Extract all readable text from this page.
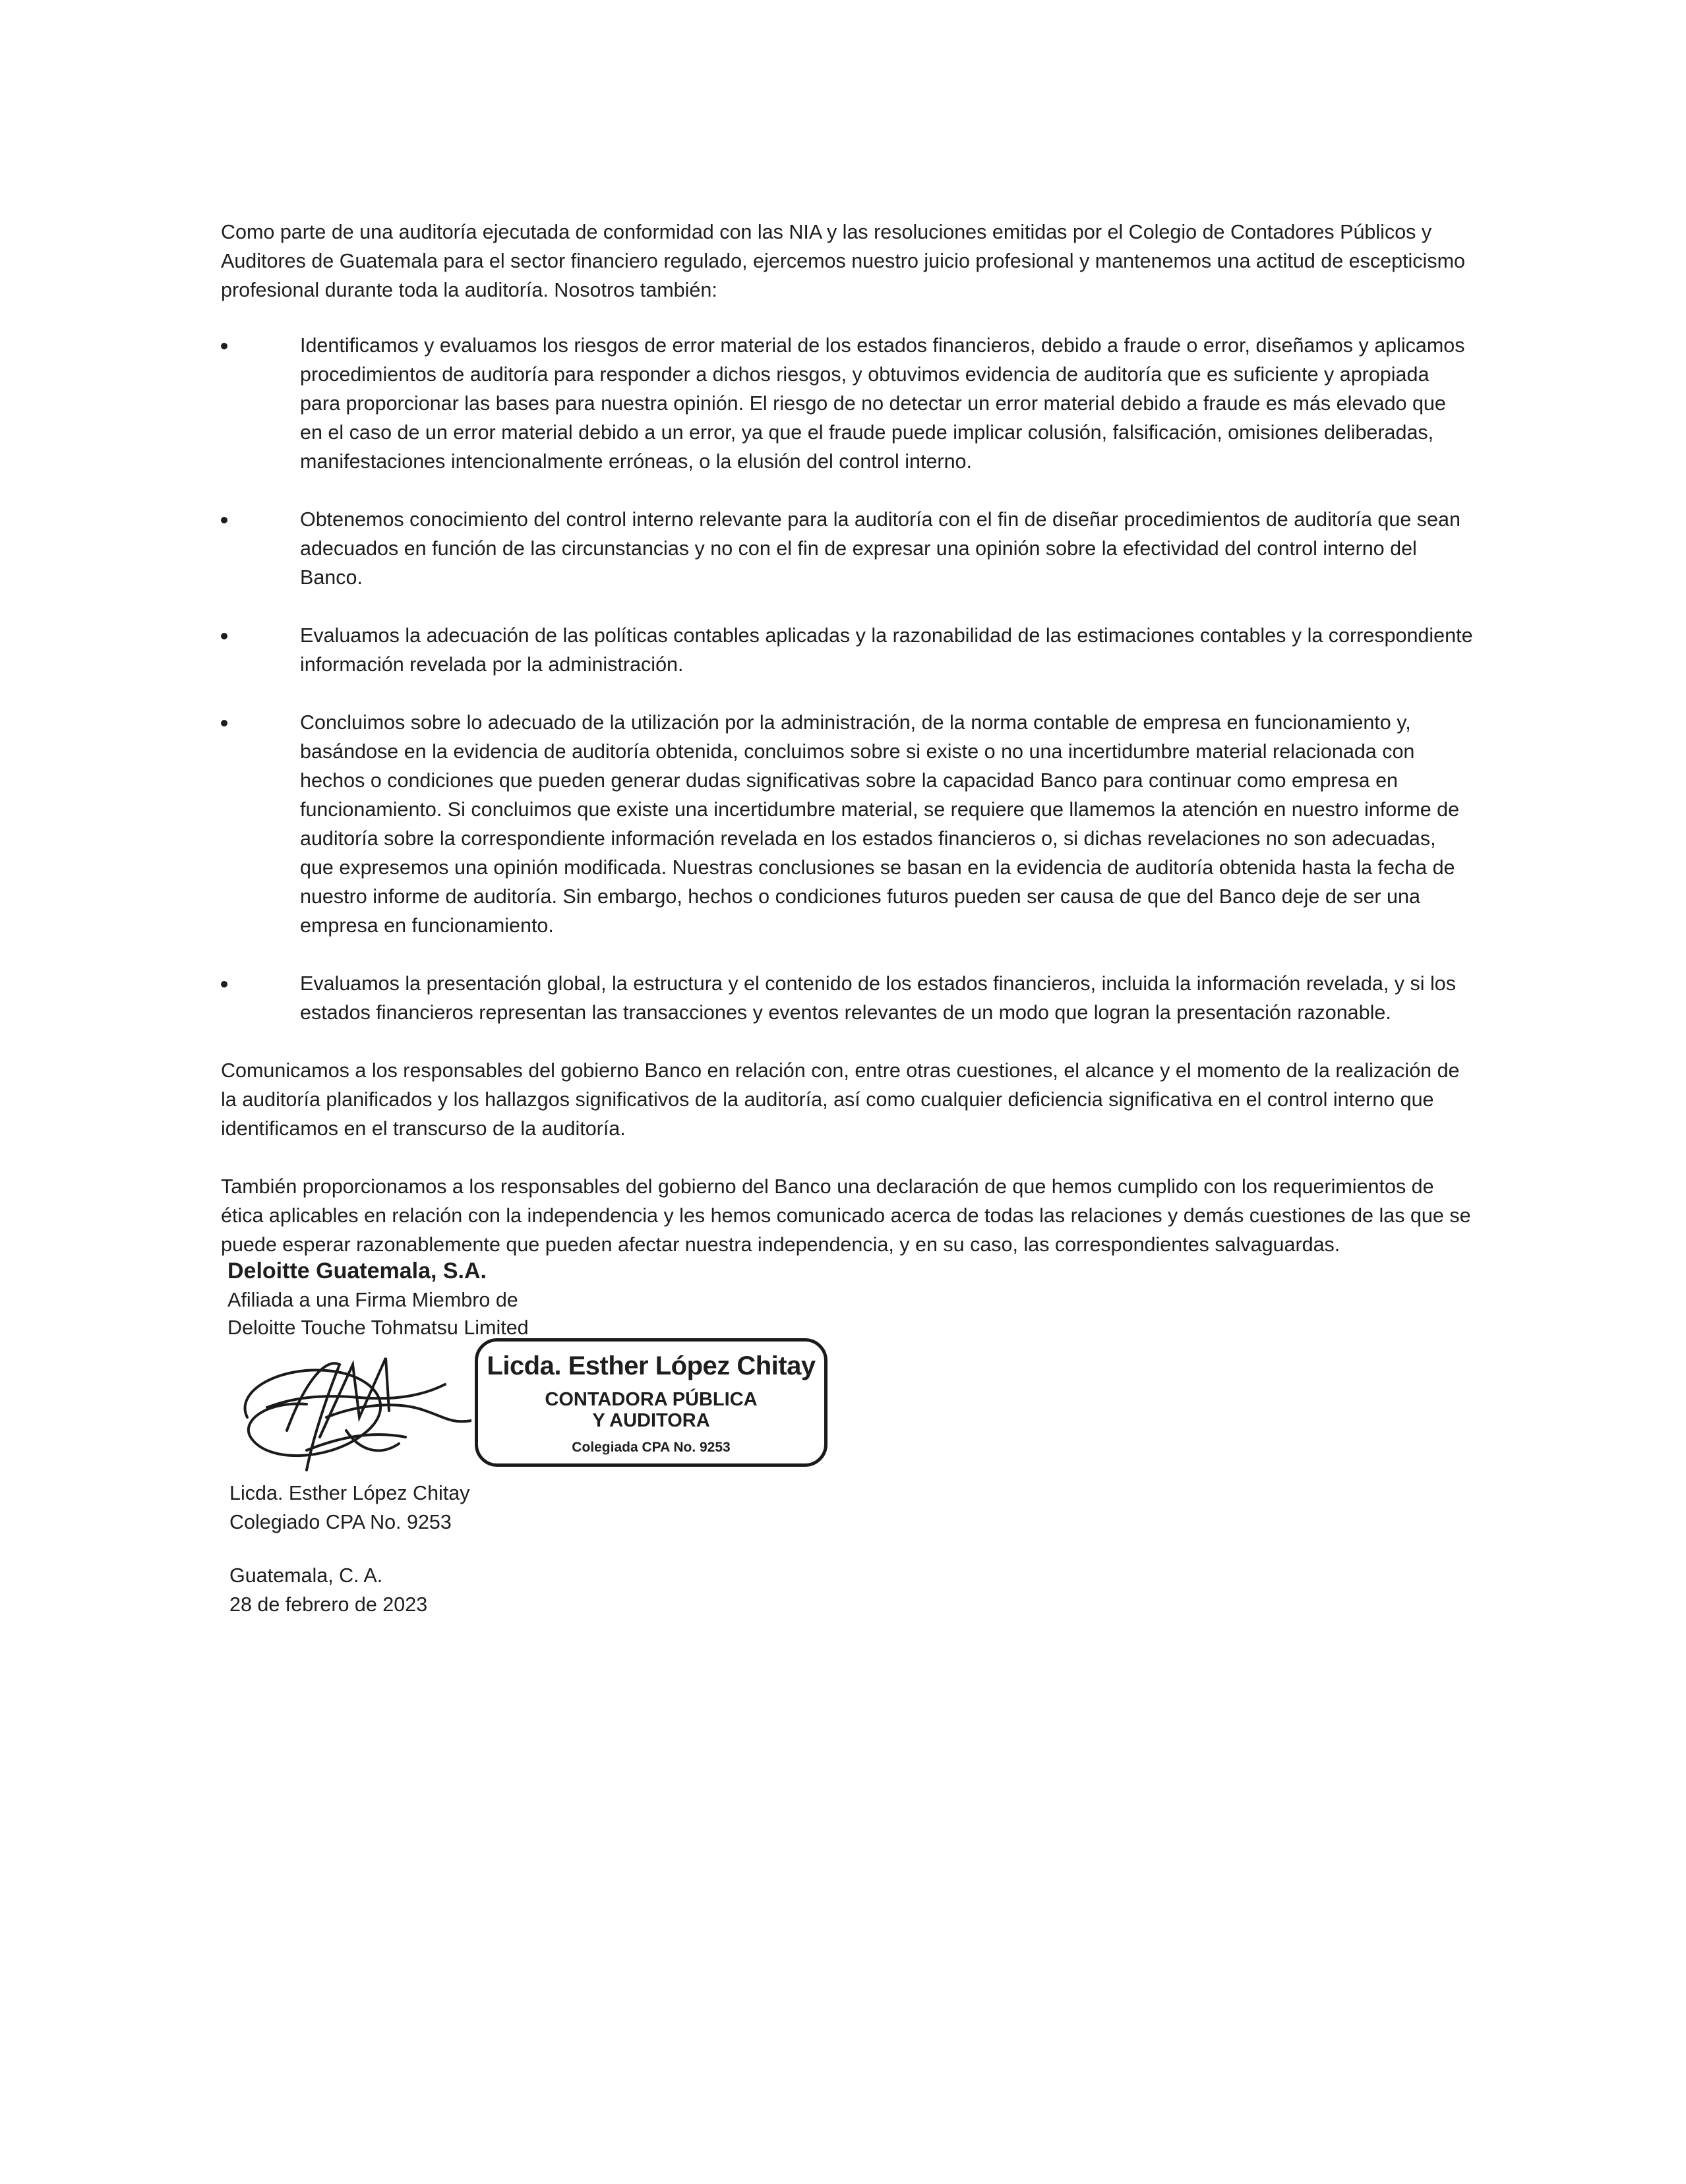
Como parte de una auditoría ejecutada de conformidad con las NIA y las resoluciones emitidas por el Colegio de Contadores Públicos y Auditores de Guatemala para el sector financiero regulado, ejercemos nuestro juicio profesional y mantenemos una actitud de escepticismo profesional durante toda la auditoría. Nosotros también:

Identificamos y evaluamos los riesgos de error material de los estados financieros, debido a fraude o error, diseñamos y aplicamos procedimientos de auditoría para responder a dichos riesgos, y obtuvimos evidencia de auditoría que es suficiente y apropiada para proporcionar las bases para nuestra opinión. El riesgo de no detectar un error material debido a fraude es más elevado que en el caso de un error material debido a un error, ya que el fraude puede implicar colusión, falsificación, omisiones deliberadas, manifestaciones intencionalmente erróneas, o la elusión del control interno.
Obtenemos conocimiento del control interno relevante para la auditoría con el fin de diseñar procedimientos de auditoría que sean adecuados en función de las circunstancias y no con el fin de expresar una opinión sobre la efectividad del control interno del Banco.
Evaluamos la adecuación de las políticas contables aplicadas y la razonabilidad de las estimaciones contables y la correspondiente información revelada por la administración.
Concluimos sobre lo adecuado de la utilización por la administración, de la norma contable de empresa en funcionamiento y, basándose en la evidencia de auditoría obtenida, concluimos sobre si existe o no una incertidumbre material relacionada con hechos o condiciones que pueden generar dudas significativas sobre la capacidad Banco para continuar como empresa en funcionamiento. Si concluimos que existe una incertidumbre material, se requiere que llamemos la atención en nuestro informe de auditoría sobre la correspondiente información revelada en los estados financieros o, si dichas revelaciones no son adecuadas, que expresemos una opinión modificada. Nuestras conclusiones se basan en la evidencia de auditoría obtenida hasta la fecha de nuestro informe de auditoría. Sin embargo, hechos o condiciones futuros pueden ser causa de que del Banco deje de ser una empresa en funcionamiento.
Evaluamos la presentación global, la estructura y el contenido de los estados financieros, incluida la información revelada, y si los estados financieros representan las transacciones y eventos relevantes de un modo que logran la presentación razonable.

Comunicamos a los responsables del gobierno Banco en relación con, entre otras cuestiones, el alcance y el momento de la realización de la auditoría planificados y los hallazgos significativos de la auditoría, así como cualquier deficiencia significativa en el control interno que identificamos en el transcurso de la auditoría.

También proporcionamos a los responsables del gobierno del Banco una declaración de que hemos cumplido con los requerimientos de ética aplicables en relación con la independencia y les hemos comunicado acerca de todas las relaciones y demás cuestiones de las que se puede esperar razonablemente que pueden afectar nuestra independencia, y en su caso, las correspondientes salvaguardas.

Deloitte Guatemala, S.A.

Afiliada a una Firma Miembro de

Deloitte Touche Tohmatsu Limited

Licda. Esther López Chitay
CONTADORA PÚBLICA
Y AUDITORA
Colegiada CPA No. 9253

Licda. Esther López Chitay

Colegiado CPA No. 9253

Guatemala, C. A.

28 de febrero de 2023
